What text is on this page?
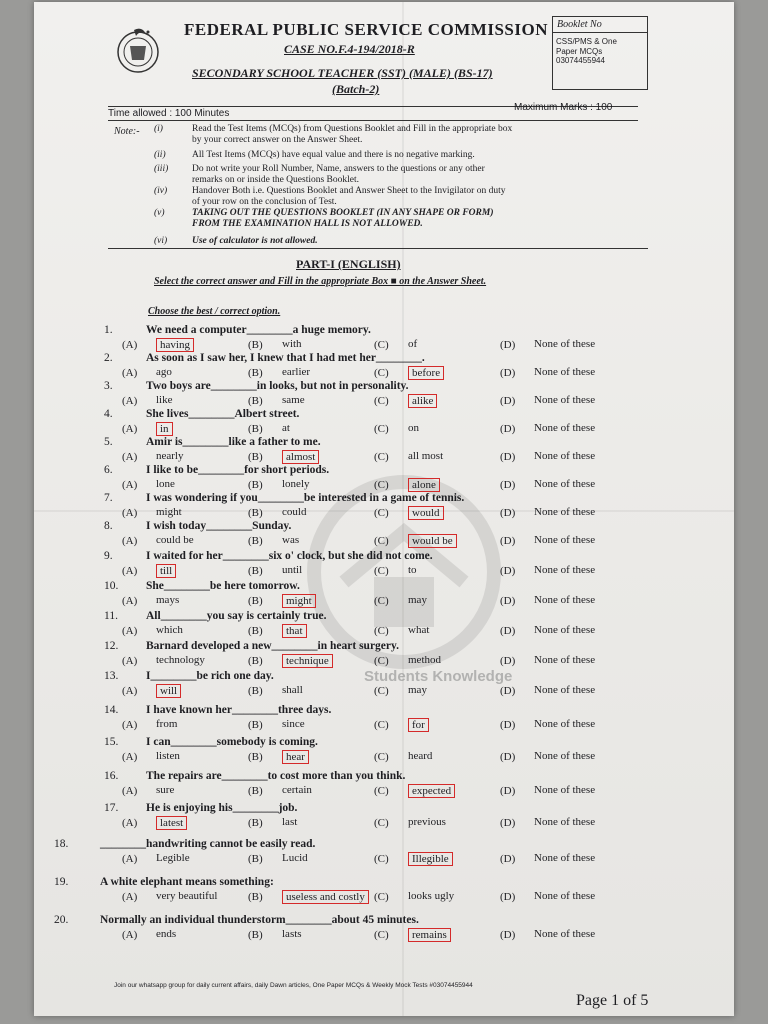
FEDERAL PUBLIC SERVICE COMMISSION
CASE NO.F.4-194/2018-R
SECONDARY SCHOOL TEACHER (SST) (MALE) (BS-17)
(Batch-2)
Booklet No
CSS/PMS & One
Paper MCQs
03074455944
Time allowed : 100 Minutes
Maximum Marks : 100
Note:- (i)	Read the Test Items (MCQs) from Questions Booklet and Fill in the appropriate box
by your correct answer on the Answer Sheet.
(ii)	All Test Items (MCQs) have equal value and there is no negative marking.
(iii)	Do not write your Roll Number, Name, answers to the questions or any other
remarks on or inside the Questions Booklet.
(iv)	Handover Both i.e. Questions Booklet and Answer Sheet to the Invigilator on duty
of your row on the conclusion of Test.
(v)	TAKING OUT THE QUESTIONS BOOKLET (IN ANY SHAPE OR FORM)
FROM THE EXAMINATION HALL IS NOT ALLOWED.
(vi)	Use of calculator is not allowed.
PART-I (ENGLISH)
Select the correct answer and Fill in the appropriate Box ■ on the Answer Sheet.
Choose the best / correct option.
Students Knowledge
1.	We need a computer________a huge memory.
(A)	having	(B) with	(C) of	(D) None of these
2.	As soon as I saw her, I knew that I had met her________.
(A) ago	(B) earlier	(C)	before	(D) None of these
3.	Two boys are________in looks, but not in personality.
(A) like	(B) same	(C)	alike	(D) None of these
4.	She lives________Albert street.
(A)	in	(B) at	(C) on	(D) None of these
5.	Amir is________like a father to me.
(A) nearly	(B)	almost	(C) all most	(D) None of these
6.	I like to be________for short periods.
(A) lone	(B) lonely	(C)	alone	(D) None of these
7.	I was wondering if you________be interested in a game of tennis.
(A) might	(B) could	(C)	would	(D) None of these
8.	I wish today________Sunday.
(A) could be	(B) was	(C)	would be	(D) None of these
9.	I waited for her________six o' clock, but she did not come.
(A)	till	(B) until	(C) to	(D) None of these
10. She________be here tomorrow.
(A) mays	(B)	might	(C) may	(D) None of these
11. All________you say is certainly true.
(A) which	(B)	that	(C) what	(D) None of these
12. Barnard developed a new________in heart surgery.
(A) technology	(B)	technique	(C) method	(D) None of these
13. I________be rich one day.
(A)	will	(B) shall	(C) may	(D) None of these
14. I have known her________three days.
(A) from	(B) since	(C)	for	(D) None of these
15. I can________somebody is coming.
(A) listen	(B)	hear	(C) heard	(D) None of these
16. The repairs are________to cost more than you think.
(A) sure	(B) certain	(C)	expected	(D) None of these
17. He is enjoying his________job.
(A)	latest	(B) last	(C) previous	(D) None of these
18.	________handwriting cannot be easily read.
(A) Legible	(B) Lucid	(C)	Illegible	(D) None of these
19.	A white elephant means something:
(A) very beautiful	(B)	useless and costly (C) looks ugly	(D) None of these
20.	Normally an individual thunderstorm________about 45 minutes.
(A) ends	(B) lasts	(C)	remains	(D) None of these
Join our whatsapp group for daily current affairs, daily Dawn articles, One Paper MCQs & Weekly Mock Tests #03074455944
Page 1 of 5
